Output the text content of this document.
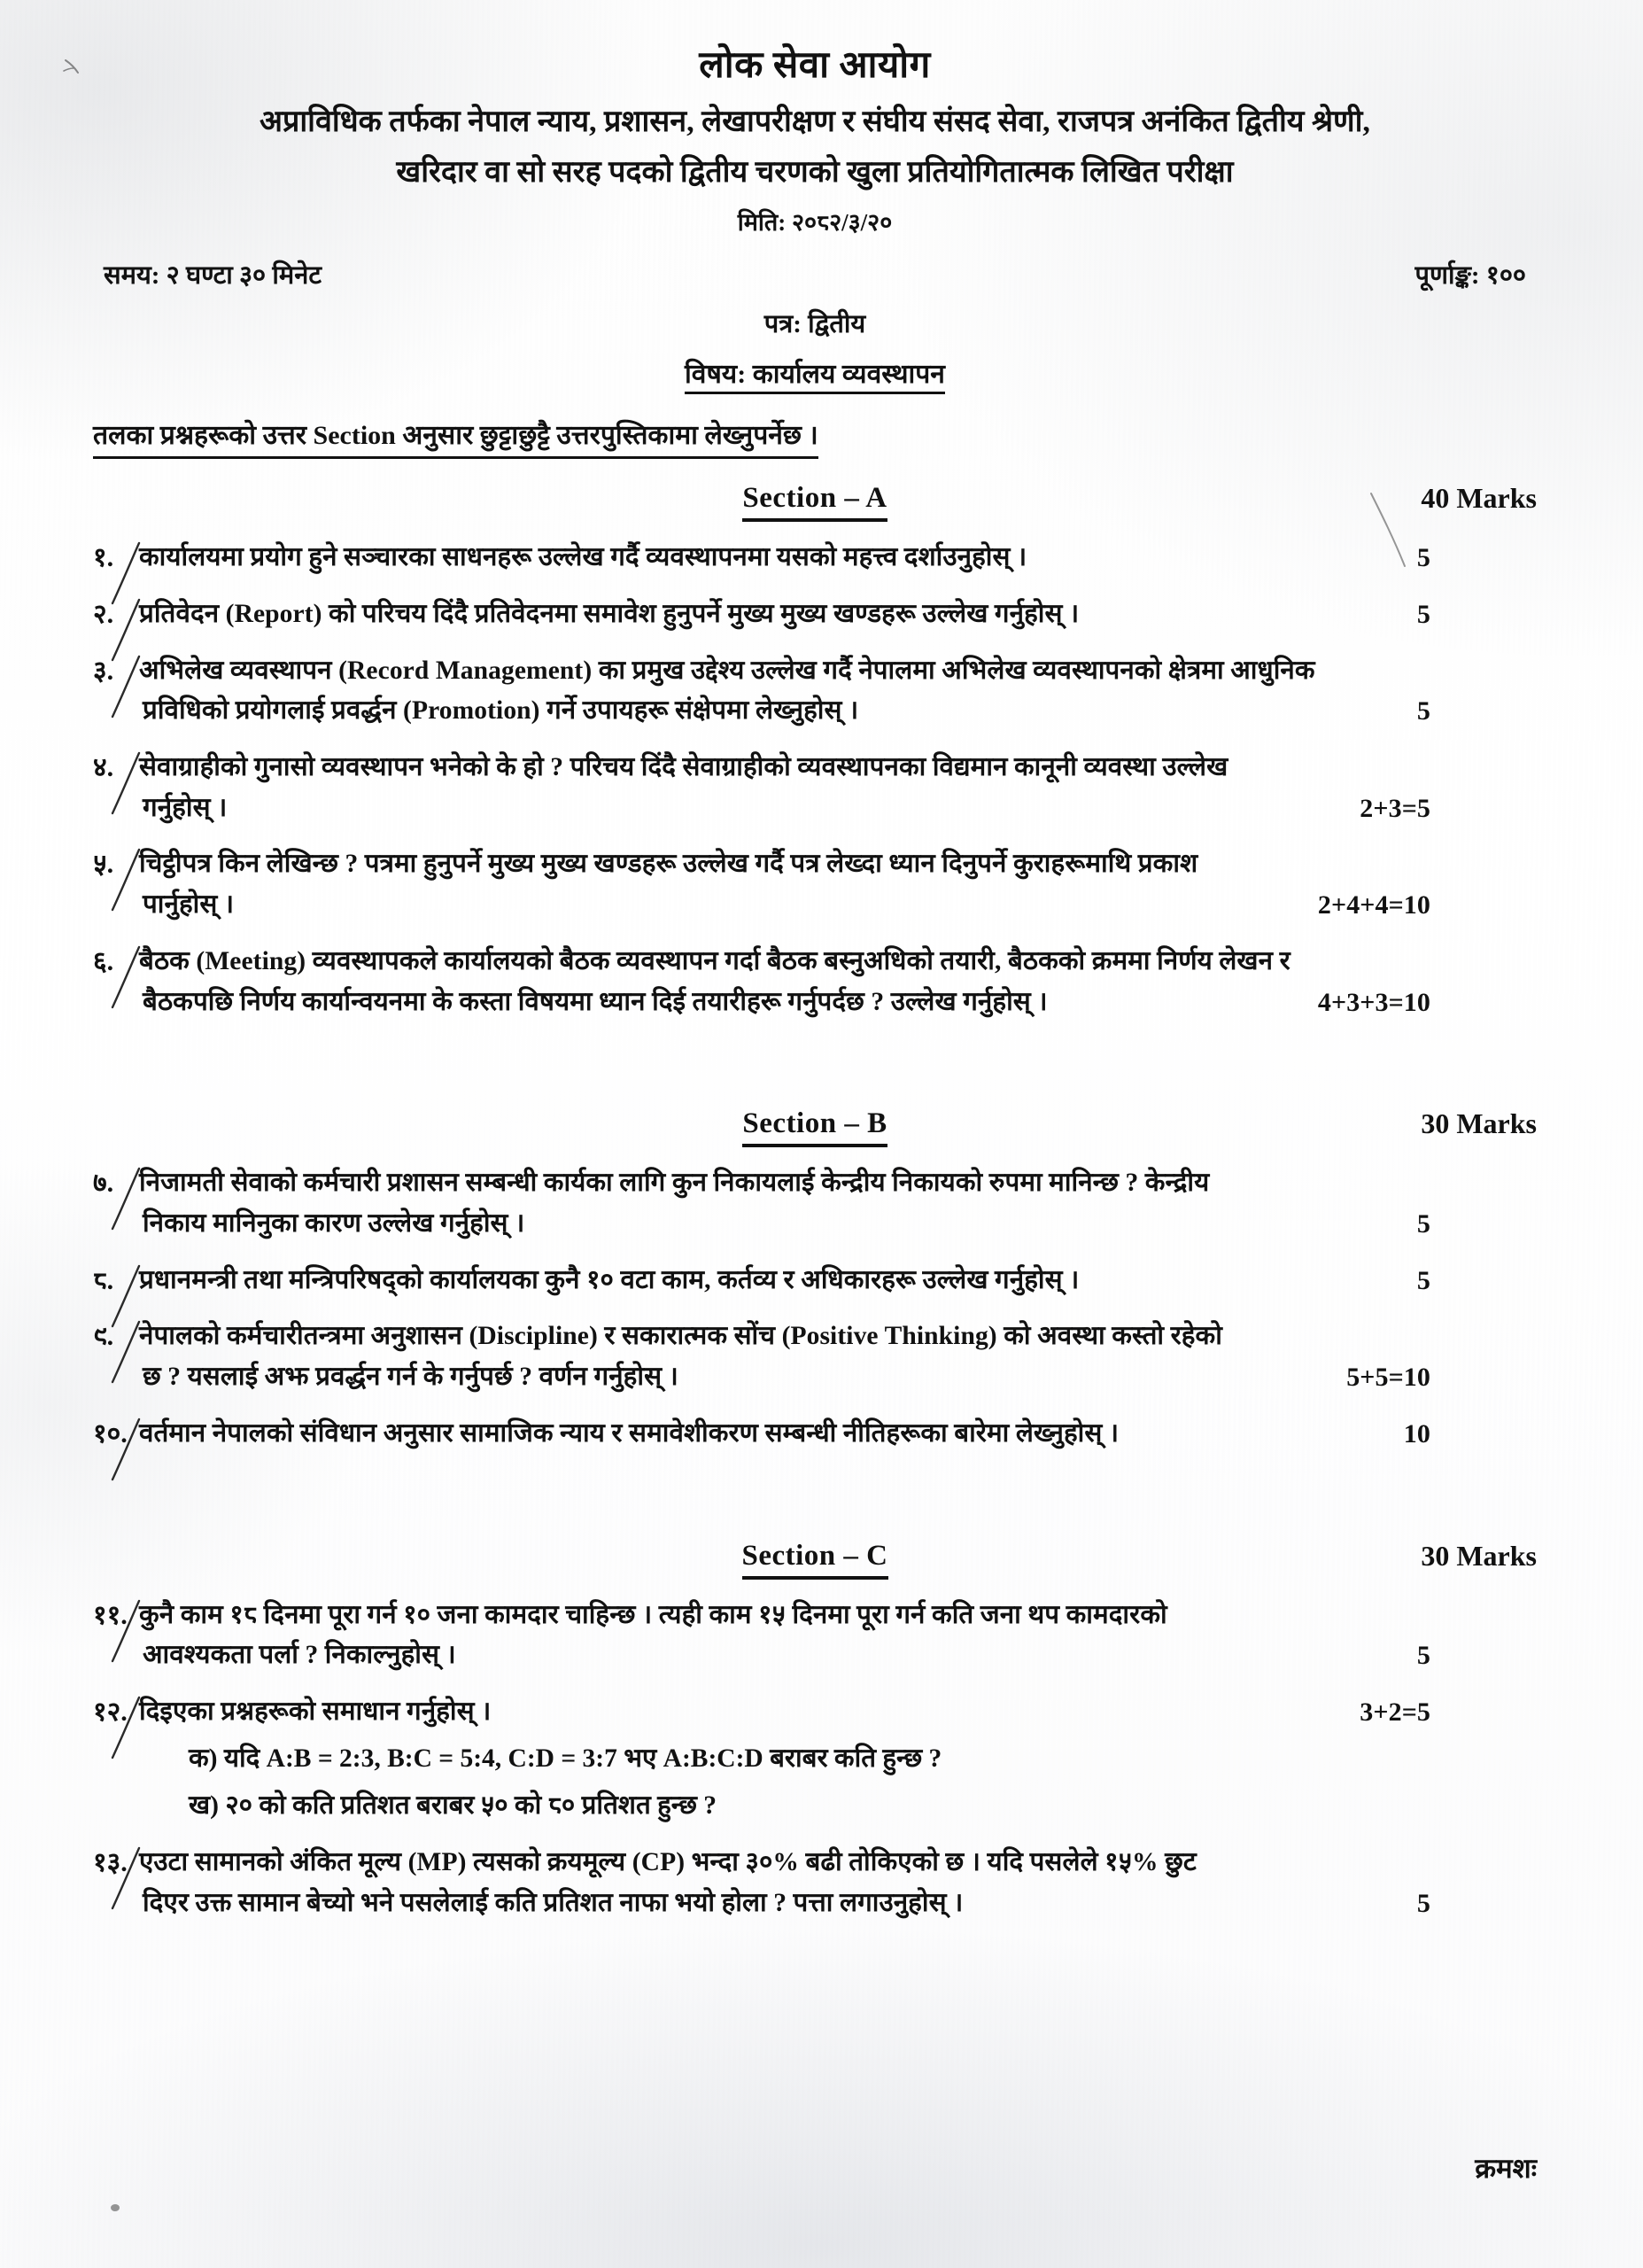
लोक सेवा आयोग
अप्राविधिक तर्फका नेपाल न्याय, प्रशासन, लेखापरीक्षण र संघीय संसद सेवा, राजपत्र अनंकित द्वितीय श्रेणी,
खरिदार वा सो सरह पदको द्वितीय चरणको खुला प्रतियोगितात्मक लिखित परीक्षा
मिति: २०८२/३/२०
समय: २ घण्टा ३० मिनेट	पूर्णाङ्क: १००
पत्र: द्वितीय
विषय: कार्यालय व्यवस्थापन
तलका प्रश्नहरूको उत्तर Section अनुसार छुट्टाछुट्टै उत्तरपुस्तिकामा लेख्नुपर्नेछ ।
Section – A	40 Marks
१. कार्यालयमा प्रयोग हुने सञ्चारका साधनहरू उल्लेख गर्दै व्यवस्थापनमा यसको महत्त्व दर्शाउनुहोस् ।	5
२. प्रतिवेदन (Report) को परिचय दिंदै प्रतिवेदनमा समावेश हुनुपर्ने मुख्य मुख्य खण्डहरू उल्लेख गर्नुहोस् ।	5
३. अभिलेख व्यवस्थापन (Record Management) का प्रमुख उद्देश्य उल्लेख गर्दै नेपालमा अभिलेख व्यवस्थापनको क्षेत्रमा आधुनिक
प्रविधिको प्रयोगलाई प्रवर्द्धन (Promotion) गर्ने उपायहरू संक्षेपमा लेख्नुहोस् ।	5
४. सेवाग्राहीको गुनासो व्यवस्थापन भनेको के हो ? परिचय दिंदै सेवाग्राहीको व्यवस्थापनका विद्यमान कानूनी व्यवस्था उल्लेख
गर्नुहोस् ।	2+3=5
५. चिट्ठीपत्र किन लेखिन्छ ? पत्रमा हुनुपर्ने मुख्य मुख्य खण्डहरू उल्लेख गर्दै पत्र लेख्दा ध्यान दिनुपर्ने कुराहरूमाथि प्रकाश
पार्नुहोस् ।	2+4+4=10
६. बैठक (Meeting) व्यवस्थापकले कार्यालयको बैठक व्यवस्थापन गर्दा बैठक बस्नुअधिको तयारी, बैठकको क्रममा निर्णय लेखन र
बैठकपछि निर्णय कार्यान्वयनमा के कस्ता विषयमा ध्यान दिई तयारीहरू गर्नुपर्दछ ? उल्लेख गर्नुहोस् ।	4+3+3=10
Section – B	30 Marks
७. निजामती सेवाको कर्मचारी प्रशासन सम्बन्धी कार्यका लागि कुन निकायलाई केन्द्रीय निकायको रुपमा मानिन्छ ? केन्द्रीय
निकाय मानिनुका कारण उल्लेख गर्नुहोस् ।	5
८. प्रधानमन्त्री तथा मन्त्रिपरिषद्को कार्यालयका कुनै १० वटा काम, कर्तव्य र अधिकारहरू उल्लेख गर्नुहोस् ।	5
९. नेपालको कर्मचारीतन्त्रमा अनुशासन (Discipline) र सकारात्मक सोंच (Positive Thinking) को अवस्था कस्तो रहेको
छ ? यसलाई अझ प्रवर्द्धन गर्न के गर्नुपर्छ ? वर्णन गर्नुहोस् ।	5+5=10
१०. वर्तमान नेपालको संविधान अनुसार सामाजिक न्याय र समावेशीकरण सम्बन्धी नीतिहरूका बारेमा लेख्नुहोस् ।	10
Section – C	30 Marks
११. कुनै काम १८ दिनमा पूरा गर्न १० जना कामदार चाहिन्छ । त्यही काम १५ दिनमा पूरा गर्न कति जना थप कामदारको
आवश्यकता पर्ला ? निकाल्नुहोस् ।	5
१२. दिइएका प्रश्नहरूको समाधान गर्नुहोस् ।	3+2=5
क) यदि A:B = 2:3, B:C = 5:4, C:D = 3:7 भए A:B:C:D बराबर कति हुन्छ ?
ख) २० को कति प्रतिशत बराबर ५० को ८० प्रतिशत हुन्छ ?
१३. एउटा सामानको अंकित मूल्य (MP) त्यसको क्रयमूल्य (CP) भन्दा ३०% बढी तोकिएको छ । यदि पसलेले १५% छुट
दिएर उक्त सामान बेच्यो भने पसलेलाई कति प्रतिशत नाफा भयो होला ? पत्ता लगाउनुहोस् ।	5
क्रमशः
